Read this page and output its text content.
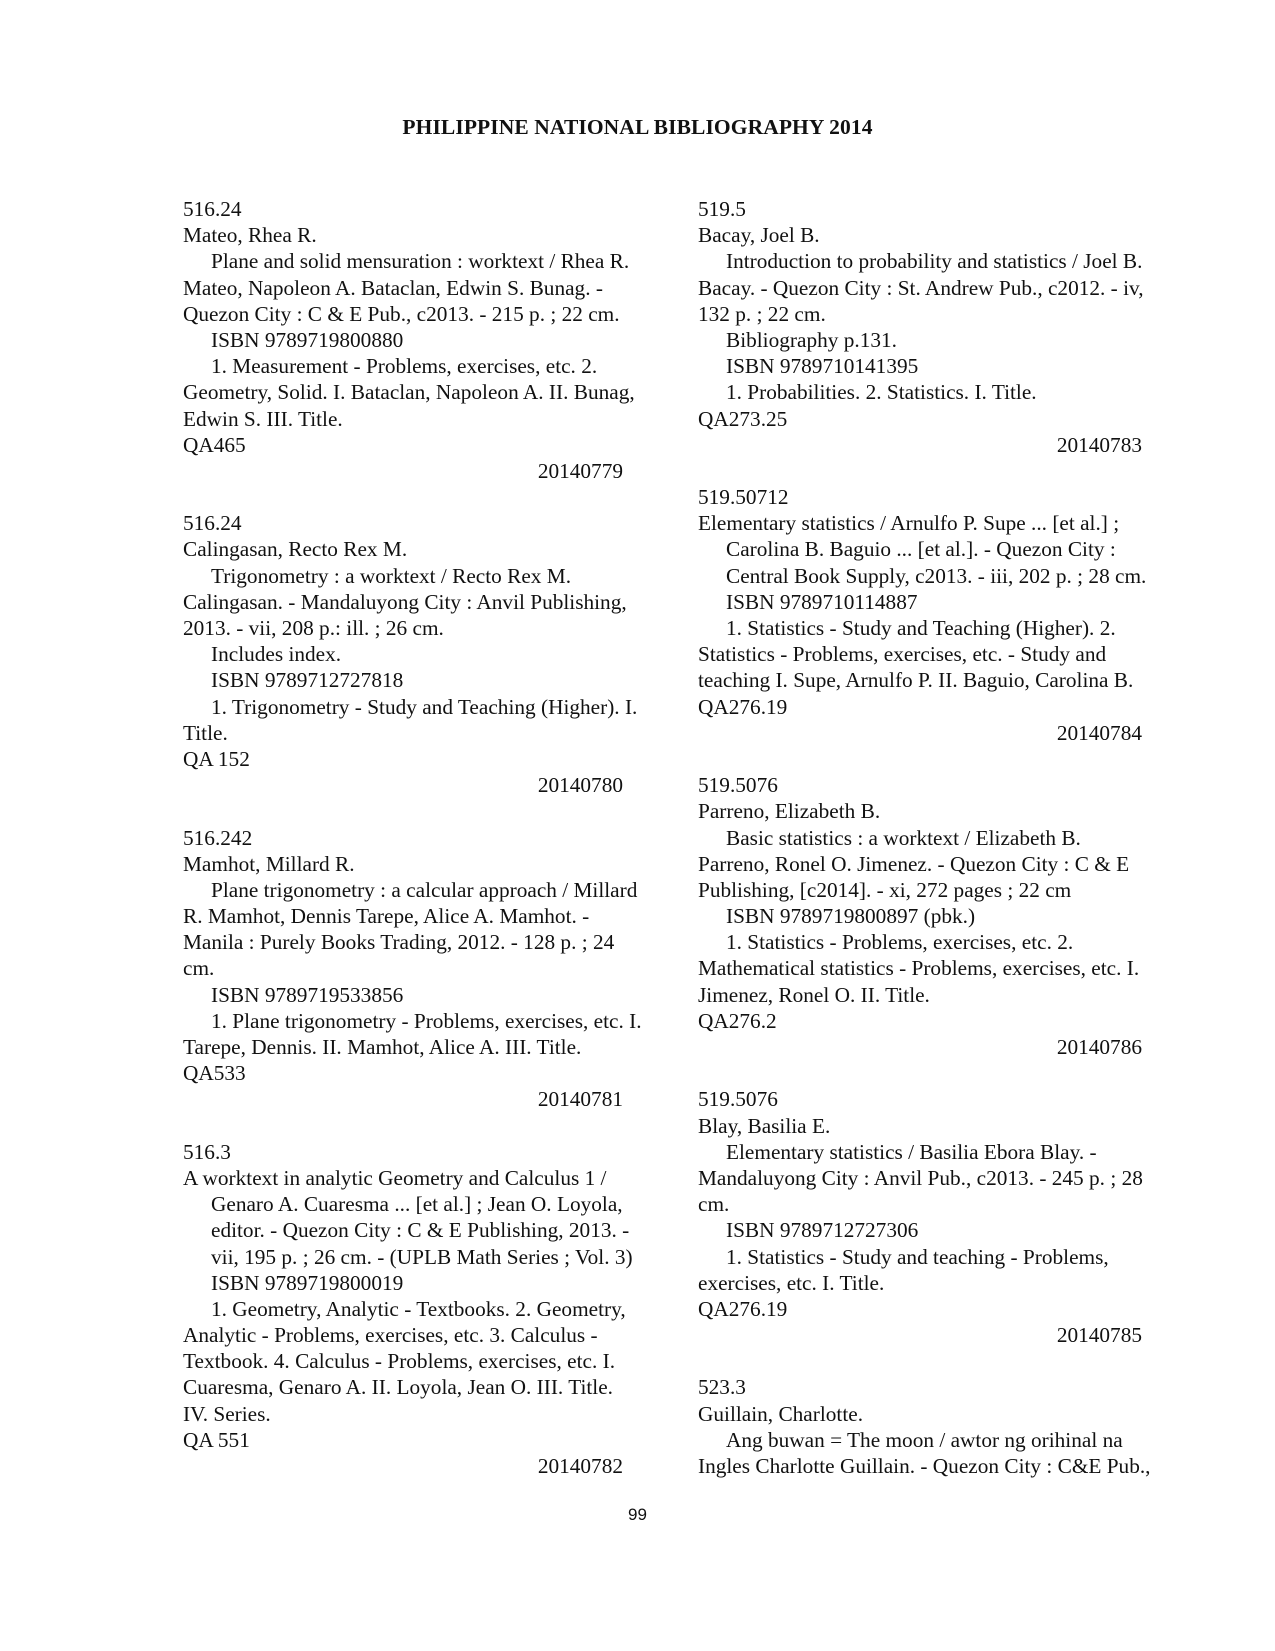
PHILIPPINE NATIONAL BIBLIOGRAPHY 2014
516.24
Mateo, Rhea R.
Plane and solid mensuration : worktext / Rhea R.
Mateo, Napoleon A. Bataclan, Edwin S. Bunag. -
Quezon City : C & E Pub., c2013. - 215 p. ; 22 cm.
ISBN 9789719800880
1. Measurement - Problems, exercises, etc. 2.
Geometry, Solid. I. Bataclan, Napoleon A. II. Bunag,
Edwin S. III. Title.
QA465
20140779
516.24
Calingasan, Recto Rex M.
Trigonometry : a worktext / Recto Rex M.
Calingasan. - Mandaluyong City : Anvil Publishing,
2013. - vii, 208 p.: ill. ; 26 cm.
Includes index.
ISBN 9789712727818
1. Trigonometry - Study and Teaching (Higher). I.
Title.
QA 152
20140780
516.242
Mamhot, Millard R.
Plane trigonometry : a calcular approach / Millard
R. Mamhot, Dennis Tarepe, Alice A. Mamhot. -
Manila : Purely Books Trading, 2012. - 128 p. ; 24
cm.
ISBN 9789719533856
1. Plane trigonometry - Problems, exercises, etc. I.
Tarepe, Dennis. II. Mamhot, Alice A. III. Title.
QA533
20140781
516.3
A worktext in analytic Geometry and Calculus 1 /
Genaro A. Cuaresma ... [et al.] ; Jean O. Loyola,
editor. - Quezon City : C & E Publishing, 2013. -
vii, 195 p. ; 26 cm. - (UPLB Math Series ; Vol. 3)
ISBN 9789719800019
1. Geometry, Analytic - Textbooks. 2. Geometry,
Analytic - Problems, exercises, etc. 3. Calculus -
Textbook. 4. Calculus - Problems, exercises, etc. I.
Cuaresma, Genaro A. II. Loyola, Jean O. III. Title.
IV. Series.
QA 551
20140782
519.5
Bacay, Joel B.
Introduction to probability and statistics / Joel B.
Bacay. - Quezon City : St. Andrew Pub., c2012. - iv,
132 p. ; 22 cm.
Bibliography p.131.
ISBN 9789710141395
1. Probabilities. 2. Statistics. I. Title.
QA273.25
20140783
519.50712
Elementary statistics / Arnulfo P. Supe ... [et al.] ;
Carolina B. Baguio ... [et al.]. - Quezon City :
Central Book Supply, c2013. - iii, 202 p. ; 28 cm.
ISBN 9789710114887
1. Statistics - Study and Teaching (Higher). 2.
Statistics - Problems, exercises, etc. - Study and
teaching I. Supe, Arnulfo P. II. Baguio, Carolina B.
QA276.19
20140784
519.5076
Parreno, Elizabeth B.
Basic statistics : a worktext / Elizabeth B.
Parreno, Ronel O. Jimenez. - Quezon City : C & E
Publishing, [c2014]. - xi, 272 pages ; 22 cm
ISBN 9789719800897 (pbk.)
1. Statistics - Problems, exercises, etc. 2.
Mathematical statistics - Problems, exercises, etc. I.
Jimenez, Ronel O. II. Title.
QA276.2
20140786
519.5076
Blay, Basilia E.
Elementary statistics / Basilia Ebora Blay. -
Mandaluyong City : Anvil Pub., c2013. - 245 p. ; 28
cm.
ISBN 9789712727306
1. Statistics - Study and teaching - Problems,
exercises, etc. I. Title.
QA276.19
20140785
523.3
Guillain, Charlotte.
Ang buwan = The moon / awtor ng orihinal na
Ingles Charlotte Guillain. - Quezon City : C&E Pub.,
99
